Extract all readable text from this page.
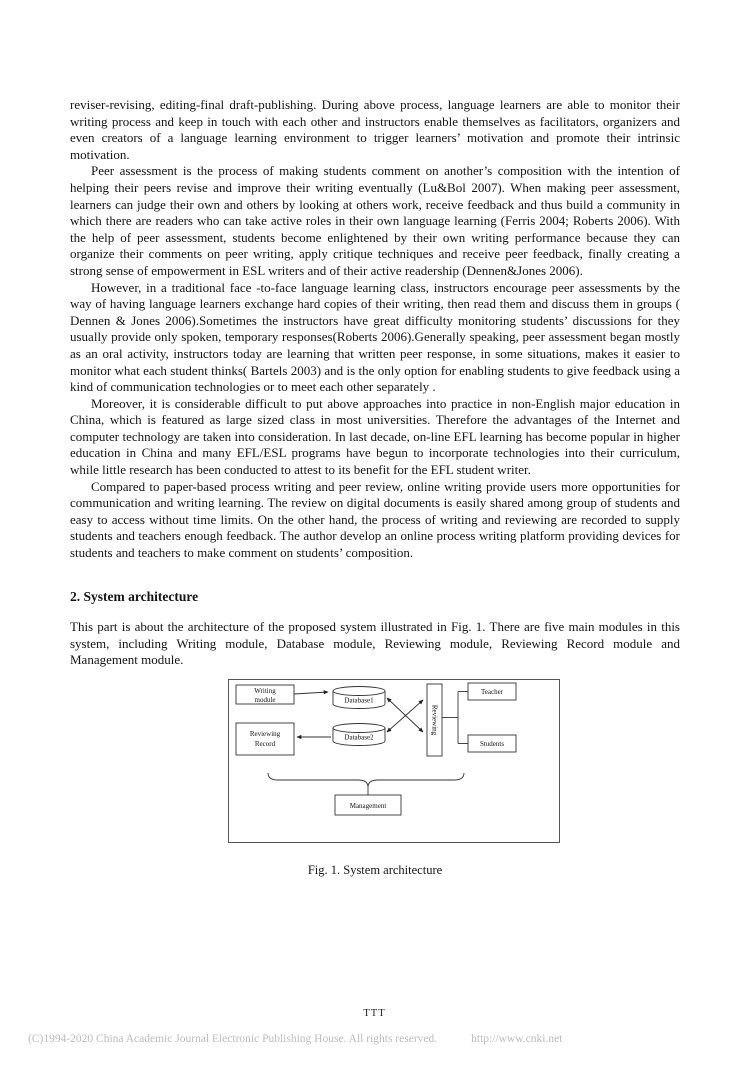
reviser-revising, editing-final draft-publishing. During above process, language learners are able to monitor their writing process and keep in touch with each other and instructors enable themselves as facilitators, organizers and even creators of a language learning environment to trigger learners’ motivation and promote their intrinsic motivation.

Peer assessment is the process of making students comment on another’s composition with the intention of helping their peers revise and improve their writing eventually (Lu&Bol 2007). When making peer assessment, learners can judge their own and others by looking at others work, receive feedback and thus build a community in which there are readers who can take active roles in their own language learning (Ferris 2004; Roberts 2006). With the help of peer assessment, students become enlightened by their own writing performance because they can organize their comments on peer writing, apply critique techniques and receive peer feedback, finally creating a strong sense of empowerment in ESL writers and of their active readership (Dennen&Jones 2006).

However, in a traditional face -to-face language learning class, instructors encourage peer assessments by the way of having language learners exchange hard copies of their writing, then read them and discuss them in groups ( Dennen & Jones 2006).Sometimes the instructors have great difficulty monitoring students’ discussions for they usually provide only spoken, temporary responses(Roberts 2006).Generally speaking, peer assessment began mostly as an oral activity, instructors today are learning that written peer response, in some situations, makes it easier to monitor what each student thinks( Bartels 2003) and is the only option for enabling students to give feedback using a kind of communication technologies or to meet each other separately .

Moreover, it is considerable difficult to put above approaches into practice in non-English major education in China, which is featured as large sized class in most universities. Therefore the advantages of the Internet and computer technology are taken into consideration. In last decade, on-line EFL learning has become popular in higher education in China and many EFL/ESL programs have begun to incorporate technologies into their curriculum, while little research has been conducted to attest to its benefit for the EFL student writer.

Compared to paper-based process writing and peer review, online writing provide users more opportunities for communication and writing learning. The review on digital documents is easily shared among group of students and easy to access without time limits. On the other hand, the process of writing and reviewing are recorded to supply students and teachers enough feedback. The author develop an online process writing platform providing devices for students and teachers to make comment on students’ composition.

2. System architecture

This part is about the architecture of the proposed system illustrated in Fig. 1. There are five main modules in this system, including Writing module, Database module, Reviewing module, Reviewing Record module and Management module.

Writing
module	Database1
Reviewing
Teacher
Reviewing
Record
Database2
Students
Management

Fig. 1. System architecture

TTT
(C)1994-2020 China Academic Journal Electronic Publishing House. All rights reserved.	http://www.cnki.net
